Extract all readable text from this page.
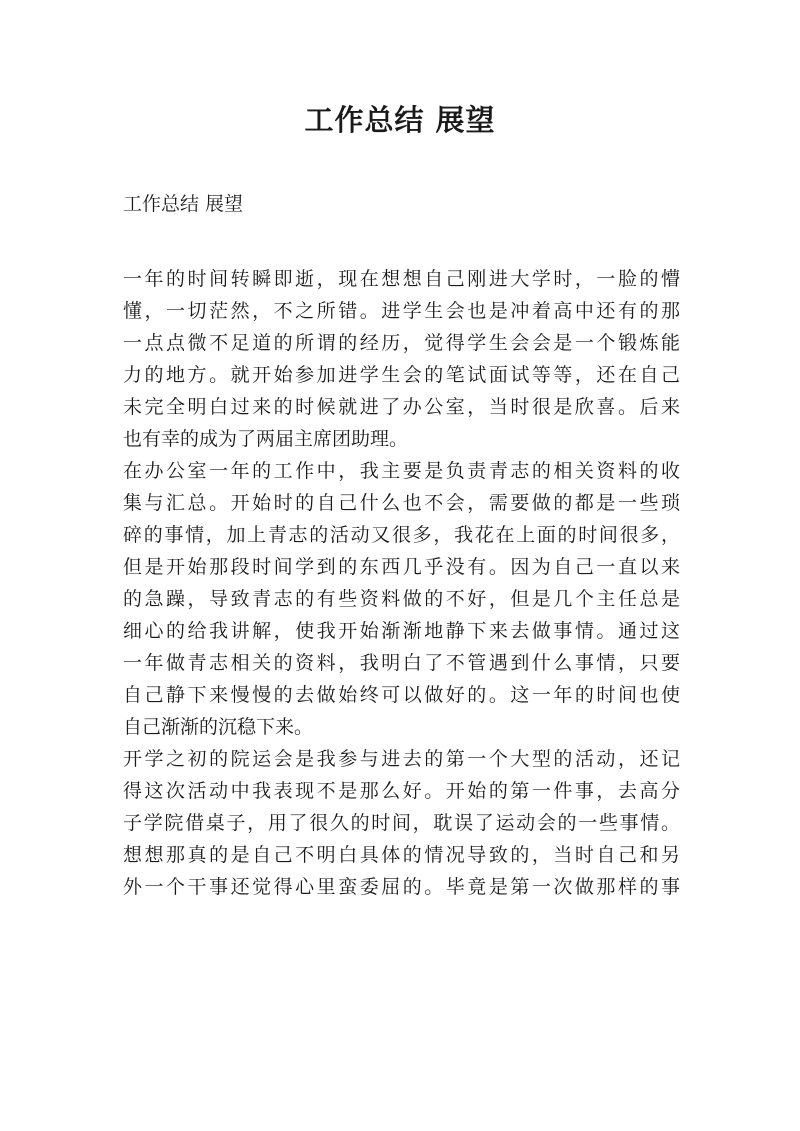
工作总结 展望

工作总结 展望

一年的时间转瞬即逝，现在想想自己刚进大学时，一脸的懵
懂，一切茫然，不之所错。进学生会也是冲着高中还有的那
一点点微不足道的所谓的经历，觉得学生会会是一个锻炼能
力的地方。就开始参加进学生会的笔试面试等等，还在自己
未完全明白过来的时候就进了办公室，当时很是欣喜。后来
也有幸的成为了两届主席团助理。
在办公室一年的工作中，我主要是负责青志的相关资料的收
集与汇总。开始时的自己什么也不会，需要做的都是一些琐
碎的事情，加上青志的活动又很多，我花在上面的时间很多，
但是开始那段时间学到的东西几乎没有。因为自己一直以来
的急躁，导致青志的有些资料做的不好，但是几个主任总是
细心的给我讲解，使我开始渐渐地静下来去做事情。通过这
一年做青志相关的资料，我明白了不管遇到什么事情，只要
自己静下来慢慢的去做始终可以做好的。这一年的时间也使
自己渐渐的沉稳下来。
开学之初的院运会是我参与进去的第一个大型的活动，还记
得这次活动中我表现不是那么好。开始的第一件事，去高分
子学院借桌子，用了很久的时间，耽误了运动会的一些事情。
想想那真的是自己不明白具体的情况导致的，当时自己和另
外一个干事还觉得心里蛮委屈的。毕竟是第一次做那样的事
